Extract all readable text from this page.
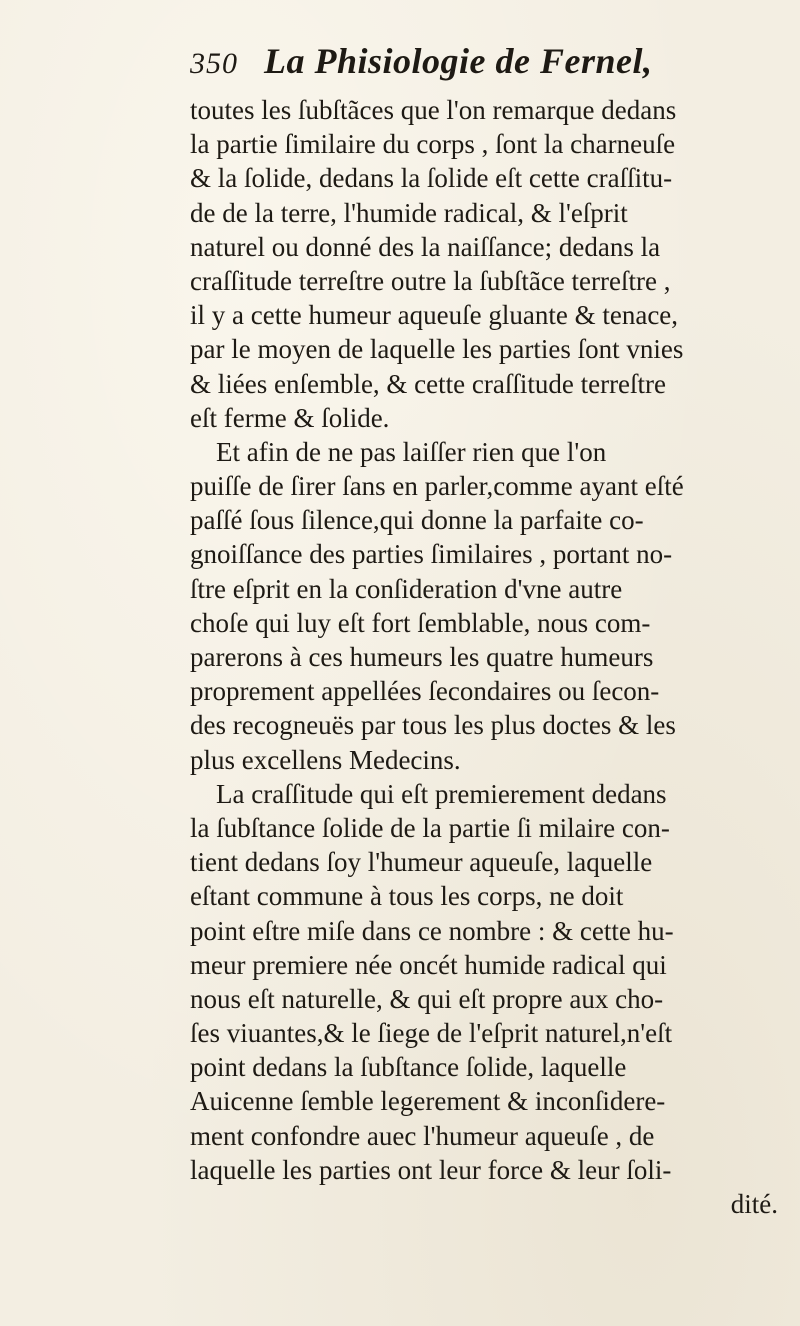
350 La Phisiologie de Fernel,
toutes les ſubſtãces que l'on remarque dedans
la partie ſimilaire du corps , ſont la charneuſe
& la ſolide, dedans la ſolide eſt cette craſſitu-
de de la terre, l'humide radical, & l'eſprit
naturel ou donné des la naiſſance; dedans la
craſſitude terreſtre outre la ſubſtãce terreſtre ,
il y a cette humeur aqueuſe gluante & tenace,
par le moyen de laquelle les parties ſont vnies
& liées enſemble, & cette craſſitude terreſtre
eſt ferme & ſolide.
Et afin de ne pas laiſſer rien que l'on
puiſſe de ſirer ſans en parler,comme ayant eſté
paſſé ſous ſilence,qui donne la parfaite co-
gnoiſſance des parties ſimilaires , portant no-
ſtre eſprit en la conſideration d'vne autre
choſe qui luy eſt fort ſemblable, nous com-
parerons à ces humeurs les quatre humeurs
proprement appellées ſecondaires ou ſecon-
des recogneuës par tous les plus doctes & les
plus excellens Medecins.
La craſſitude qui eſt premierement dedans
la ſubſtance ſolide de la partie ſi milaire con-
tient dedans ſoy l'humeur aqueuſe, laquelle
eſtant commune à tous les corps, ne doit
point eſtre miſe dans ce nombre : & cette hu-
meur premiere née oncét humide radical qui
nous eſt naturelle, & qui eſt propre aux cho-
ſes viuantes,& le ſiege de l'eſprit naturel,n'eſt
point dedans la ſubſtance ſolide, laquelle
Auicenne ſemble legerement & inconſidere-
ment confondre auec l'humeur aqueuſe , de
laquelle les parties ont leur force & leur ſoli-
dité.
